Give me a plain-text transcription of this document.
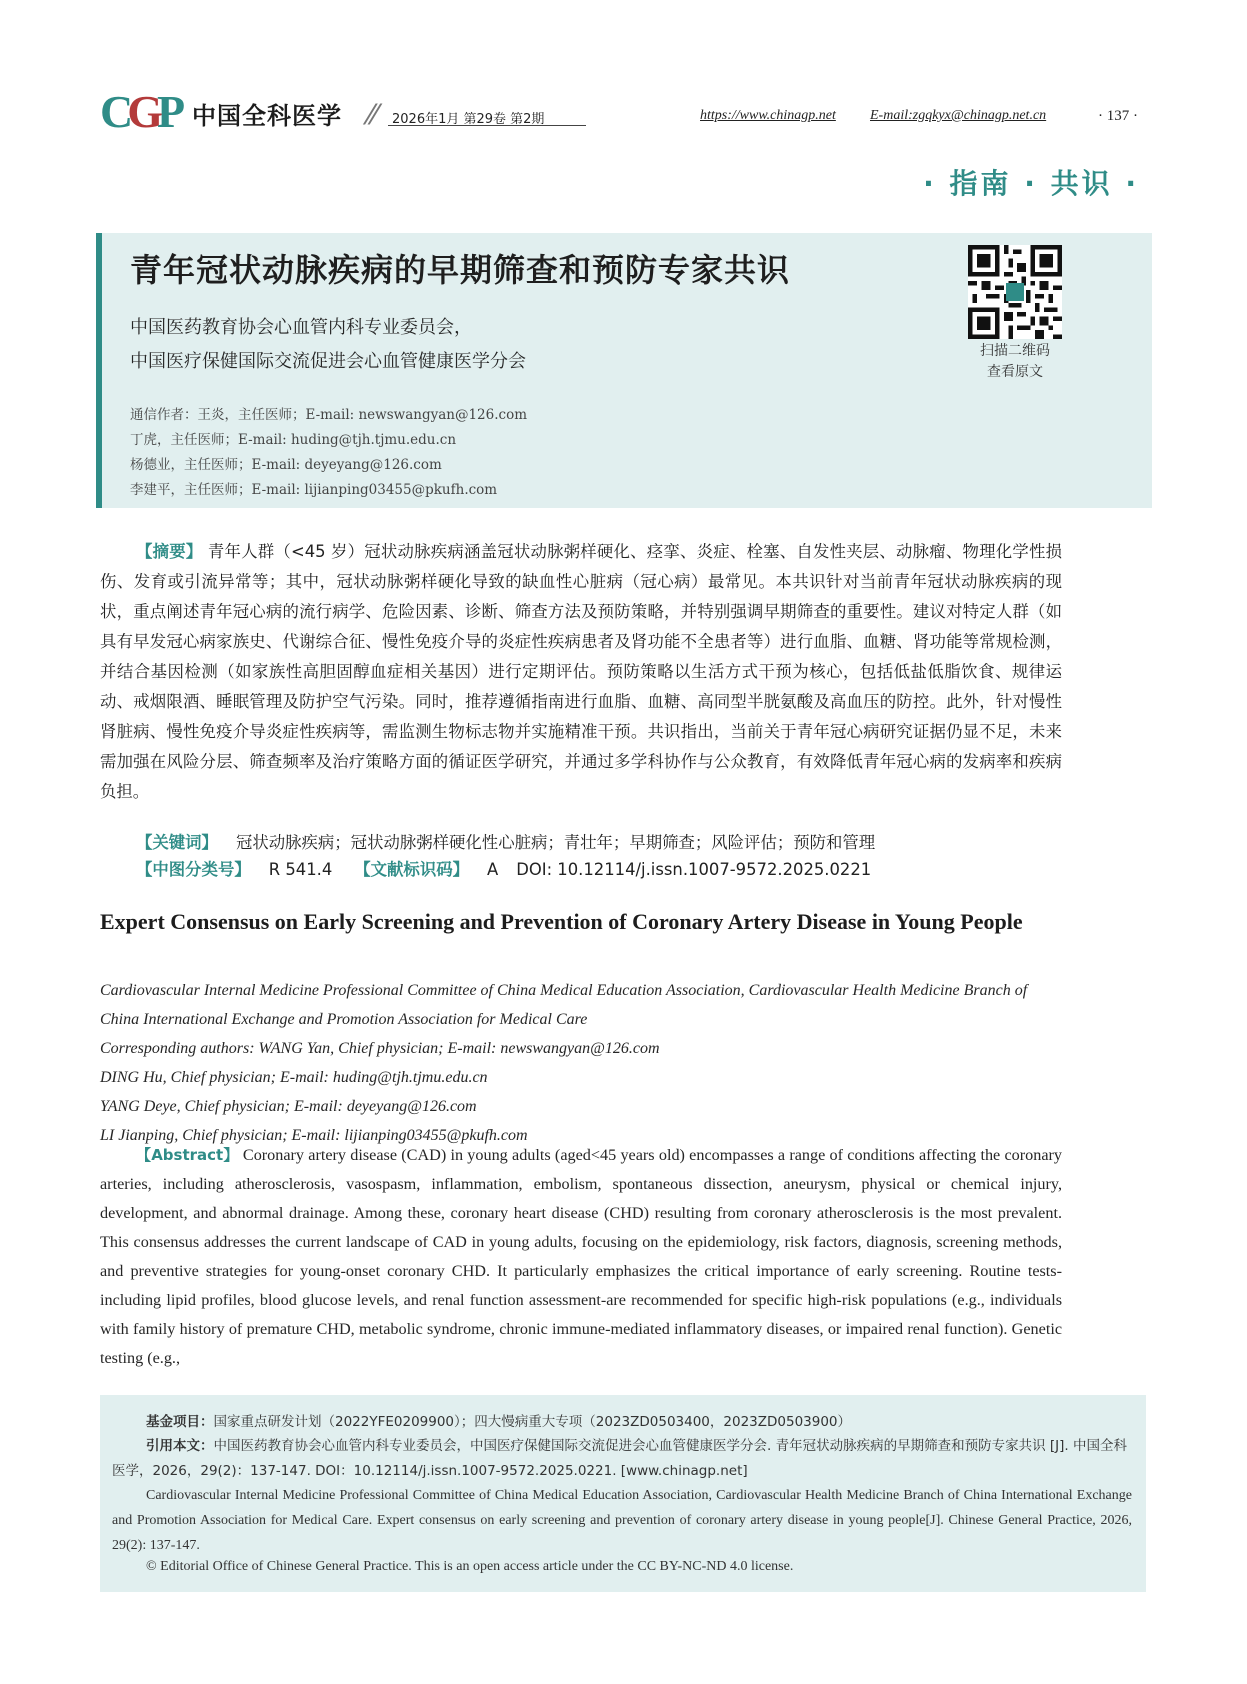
CGP 中国全科医学 ⁄⁄ 2026年1月 第29卷 第2期	https://www.chinagp.net E-mail:zgqkyx@chinagp.net.cn	· 137 ·
· 指南 · 共识 ·
青年冠状动脉疾病的早期筛查和预防专家共识
中国医药教育协会心血管内科专业委员会，
中国医疗保健国际交流促进会心血管健康医学分会
通信作者：王炎，主任医师；E-mail: newswangyan@126.com
丁虎，主任医师；E-mail: huding@tjh.tjmu.edu.cn
杨德业，主任医师；E-mail: deyeyang@126.com
李建平，主任医师；E-mail: lijianping03455@pkufh.com
扫描二维码
查看原文
【摘要】 青年人群（<45 岁）冠状动脉疾病涵盖冠状动脉粥样硬化、痉挛、炎症、栓塞、自发性夹层、动脉瘤、物理化学性损伤、发育或引流异常等；其中，冠状动脉粥样硬化导致的缺血性心脏病（冠心病）最常见。本共识针对当前青年冠状动脉疾病的现状，重点阐述青年冠心病的流行病学、危险因素、诊断、筛查方法及预防策略，并特别强调早期筛查的重要性。建议对特定人群（如具有早发冠心病家族史、代谢综合征、慢性免疫介导的炎症性疾病患者及肾功能不全患者等）进行血脂、血糖、肾功能等常规检测，并结合基因检测（如家族性高胆固醇血症相关基因）进行定期评估。预防策略以生活方式干预为核心，包括低盐低脂饮食、规律运动、戒烟限酒、睡眠管理及防护空气污染。同时，推荐遵循指南进行血脂、血糖、高同型半胱氨酸及高血压的防控。此外，针对慢性肾脏病、慢性免疫介导炎症性疾病等，需监测生物标志物并实施精准干预。共识指出，当前关于青年冠心病研究证据仍显不足，未来需加强在风险分层、筛查频率及治疗策略方面的循证医学研究，并通过多学科协作与公众教育，有效降低青年冠心病的发病率和疾病负担。
【关键词】 冠状动脉疾病；冠状动脉粥样硬化性心脏病；青壮年；早期筛查；风险评估；预防和管理
【中图分类号】 R 541.4 【文献标识码】 A DOI: 10.12114/j.issn.1007-9572.2025.0221
Expert Consensus on Early Screening and Prevention of Coronary Artery Disease in Young People
Cardiovascular Internal Medicine Professional Committee of China Medical Education Association, Cardiovascular Health Medicine Branch of China International Exchange and Promotion Association for Medical Care
Corresponding authors: WANG Yan, Chief physician; E-mail: newswangyan@126.com
DING Hu, Chief physician; E-mail: huding@tjh.tjmu.edu.cn
YANG Deye, Chief physician; E-mail: deyeyang@126.com
LI Jianping, Chief physician; E-mail: lijianping03455@pkufh.com
【Abstract】 Coronary artery disease (CAD) in young adults (aged<45 years old) encompasses a range of conditions affecting the coronary arteries, including atherosclerosis, vasospasm, inflammation, embolism, spontaneous dissection, aneurysm, physical or chemical injury, development, and abnormal drainage. Among these, coronary heart disease (CHD) resulting from coronary atherosclerosis is the most prevalent. This consensus addresses the current landscape of CAD in young adults, focusing on the epidemiology, risk factors, diagnosis, screening methods, and preventive strategies for young-onset coronary CHD. It particularly emphasizes the critical importance of early screening. Routine tests-including lipid profiles, blood glucose levels, and renal function assessment-are recommended for specific high-risk populations (e.g., individuals with family history of premature CHD, metabolic syndrome, chronic immune-mediated inflammatory diseases, or impaired renal function). Genetic testing (e.g.,
基金项目：国家重点研发计划（2022YFE0209900）；四大慢病重大专项（2023ZD0503400，2023ZD0503900）
引用本文：中国医药教育协会心血管内科专业委员会，中国医疗保健国际交流促进会心血管健康医学分会. 青年冠状动脉疾病的早期筛查和预防专家共识 [J]. 中国全科医学，2026，29(2)：137-147. DOI：10.12114/j.issn.1007-9572.2025.0221. [www.chinagp.net]
Cardiovascular Internal Medicine Professional Committee of China Medical Education Association, Cardiovascular Health Medicine Branch of China International Exchange and Promotion Association for Medical Care. Expert consensus on early screening and prevention of coronary artery disease in young people[J]. Chinese General Practice, 2026, 29(2): 137-147.
© Editorial Office of Chinese General Practice. This is an open access article under the CC BY-NC-ND 4.0 license.
